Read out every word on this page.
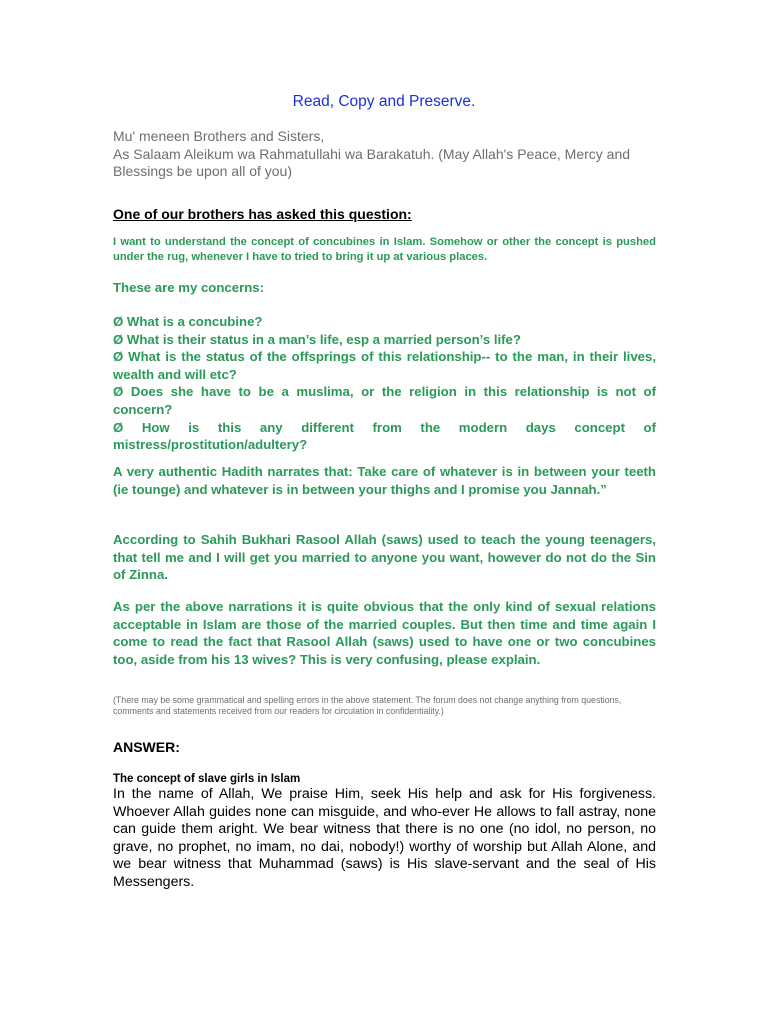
Read, Copy and Preserve.
Mu' meneen Brothers and Sisters,
As Salaam Aleikum wa Rahmatullahi wa Barakatuh. (May Allah's Peace, Mercy and Blessings be upon all of you)
One of our brothers has asked this question:
I want to understand the concept of concubines in Islam. Somehow or other the concept is pushed under the rug, whenever I have to tried to bring it up at various places.
These are my concerns:
Ø What is a concubine?
Ø What is their status in a man’s life, esp a married person’s life?
Ø What is the status of the offsprings of this relationship-- to the man, in their lives, wealth and will etc?
Ø Does she have to be a muslima, or the religion in this relationship is not of concern?
Ø How is this any different from the modern days concept of mistress/prostitution/adultery?
A very authentic Hadith narrates that: Take care of whatever is in between your teeth (ie tounge) and whatever is in between your thighs and I promise you Jannah.”
According to Sahih Bukhari Rasool Allah (saws) used to teach the young teenagers, that tell me and I will get you married to anyone you want, however do not do the Sin of Zinna.
As per the above narrations it is quite obvious that the only kind of sexual relations acceptable in Islam are those of the married couples. But then time and time again I come to read the fact that Rasool Allah (saws) used to have one or two concubines too, aside from his 13 wives? This is very confusing, please explain.
(There may be some grammatical and spelling errors in the above statement. The forum does not change anything from questions, comments and statements received from our readers for circulation in confidentiality.)
ANSWER:
The concept of slave girls in Islam
In the name of Allah, We praise Him, seek His help and ask for His forgiveness. Whoever Allah guides none can misguide, and who-ever He allows to fall astray, none can guide them aright. We bear witness that there is no one (no idol, no person, no grave, no prophet, no imam, no dai, nobody!) worthy of worship but Allah Alone, and we bear witness that Muhammad (saws) is His slave-servant and the seal of His Messengers.
